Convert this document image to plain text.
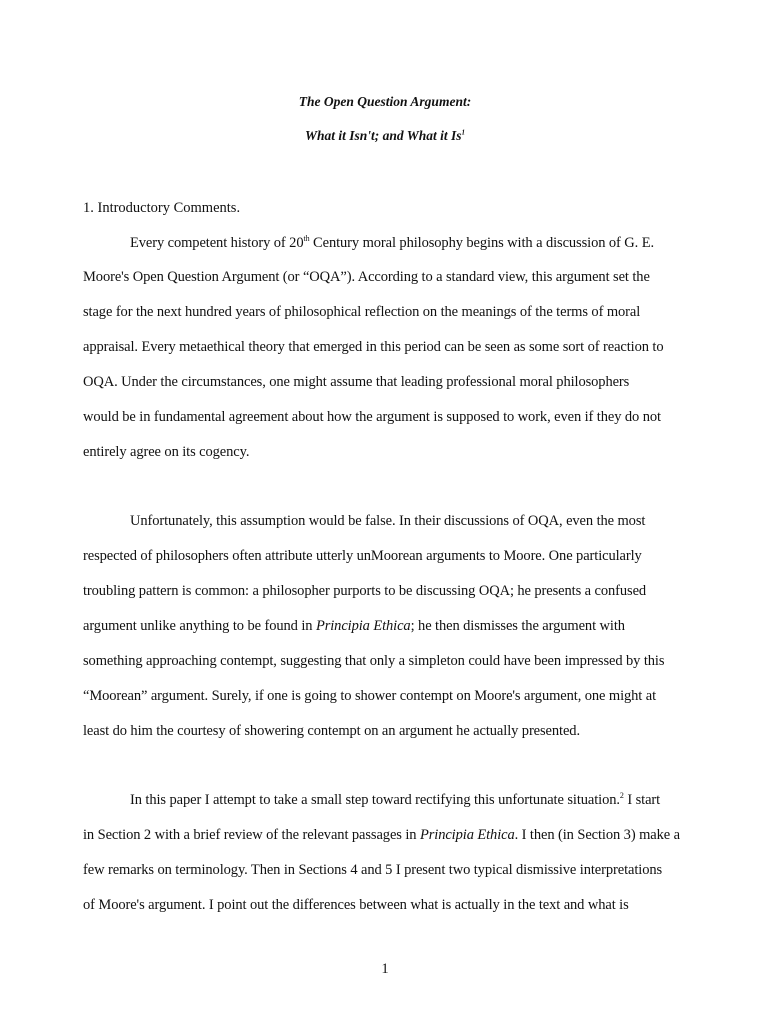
The Open Question Argument:
What it Isn't; and What it Is$^1$
1. Introductory Comments.
Every competent history of 20th Century moral philosophy begins with a discussion of G. E.
Moore's Open Question Argument (or “OQA”). According to a standard view, this argument set the
stage for the next hundred years of philosophical reflection on the meanings of the terms of moral
appraisal. Every metaethical theory that emerged in this period can be seen as some sort of reaction to
OQA. Under the circumstances, one might assume that leading professional moral philosophers
would be in fundamental agreement about how the argument is supposed to work, even if they do not
entirely agree on its cogency.
Unfortunately, this assumption would be false. In their discussions of OQA, even the most
respected of philosophers often attribute utterly unMoorean arguments to Moore. One particularly
troubling pattern is common: a philosopher purports to be discussing OQA; he presents a confused
argument unlike anything to be found in Principia Ethica; he then dismisses the argument with
something approaching contempt, suggesting that only a simpleton could have been impressed by this
“Moorean” argument. Surely, if one is going to shower contempt on Moore's argument, one might at
least do him the courtesy of showering contempt on an argument he actually presented.
In this paper I attempt to take a small step toward rectifying this unfortunate situation.$^2$ I start
in Section 2 with a brief review of the relevant passages in Principia Ethica. I then (in Section 3) make a
few remarks on terminology. Then in Sections 4 and 5 I present two typical dismissive interpretations
of Moore's argument. I point out the differences between what is actually in the text and what is
1
